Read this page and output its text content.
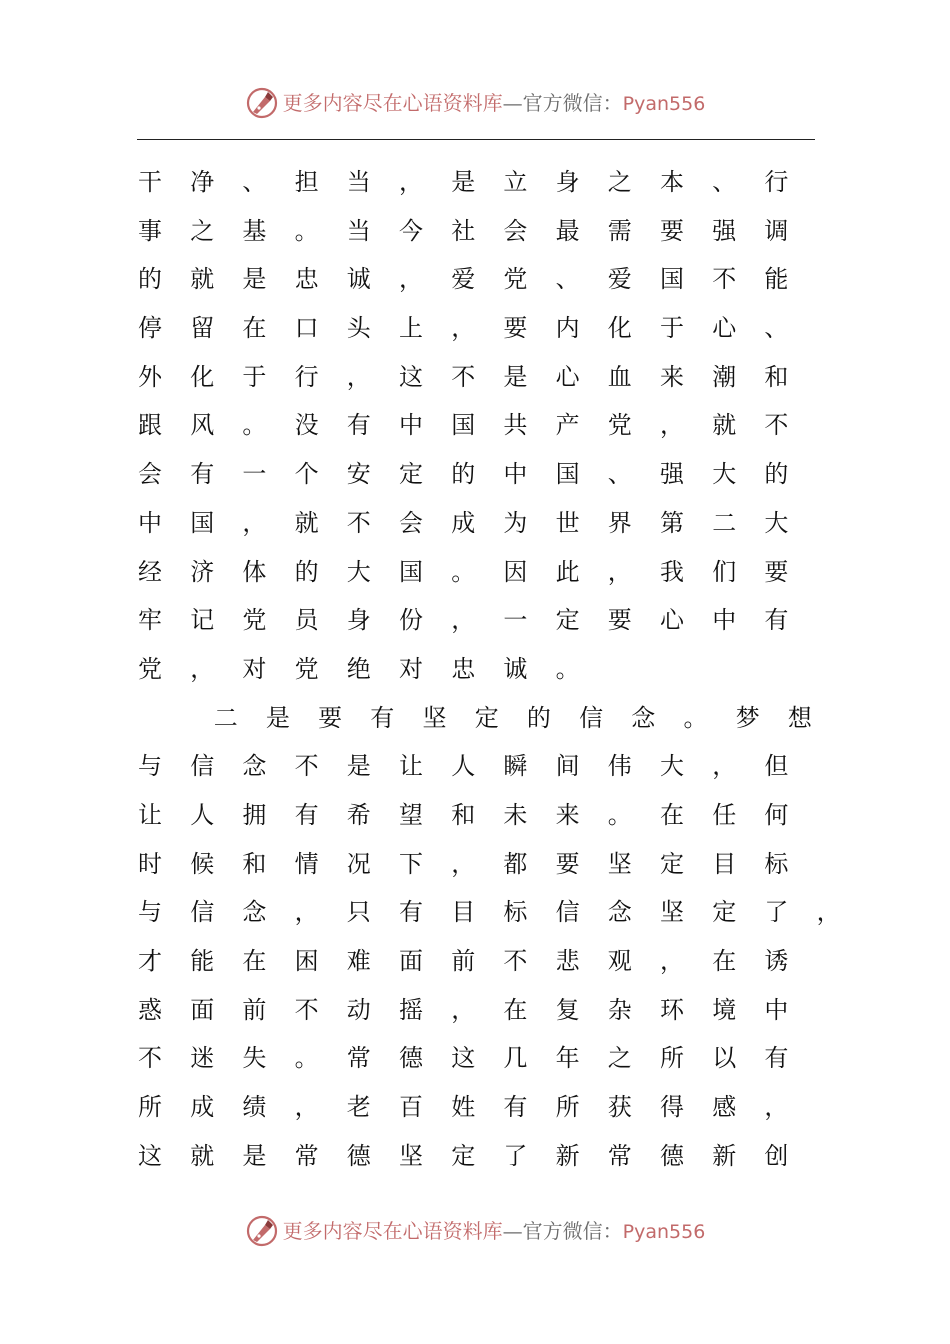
更多内容尽在心语资料库—官方微信：Pyan556
干	净	、	担	当	，	是	立	身	之	本	、	行
事	之	基	。	当	今	社	会	最	需	要	强	调
的	就	是	忠	诚	，	爱	党	、	爱	国	不	能
停	留	在	口	头	上	，	要	内	化	于	心	、
外	化	于	行	，	这	不	是	心	血	来	潮	和
跟	风	。	没	有	中	国	共	产	党	，	就	不
会	有	一	个	安	定	的	中	国	、	强	大	的
中	国	，	就	不	会	成	为	世	界	第	二	大
经	济	体	的	大	国	。	因	此	，	我	们	要
牢	记	党	员	身	份	，	一	定	要	心	中	有
党	，	对	党	绝	对	忠	诚	。
二	是	要	有	坚	定	的	信	念	。	梦	想
与	信	念	不	是	让	人	瞬	间	伟	大	，	但
让	人	拥	有	希	望	和	未	来	。	在	任	何
时	候	和	情	况	下	，	都	要	坚	定	目	标
与	信	念	，	只	有	目	标	信	念	坚	定	了	，
才	能	在	困	难	面	前	不	悲	观	，	在	诱
惑	面	前	不	动	摇	，	在	复	杂	环	境	中
不	迷	失	。	常	德	这	几	年	之	所	以	有
所	成	绩	，	老	百	姓	有	所	获	得	感	，
这	就	是	常	德	坚	定	了	新	常	德	新	创
更多内容尽在心语资料库—官方微信：Pyan556
